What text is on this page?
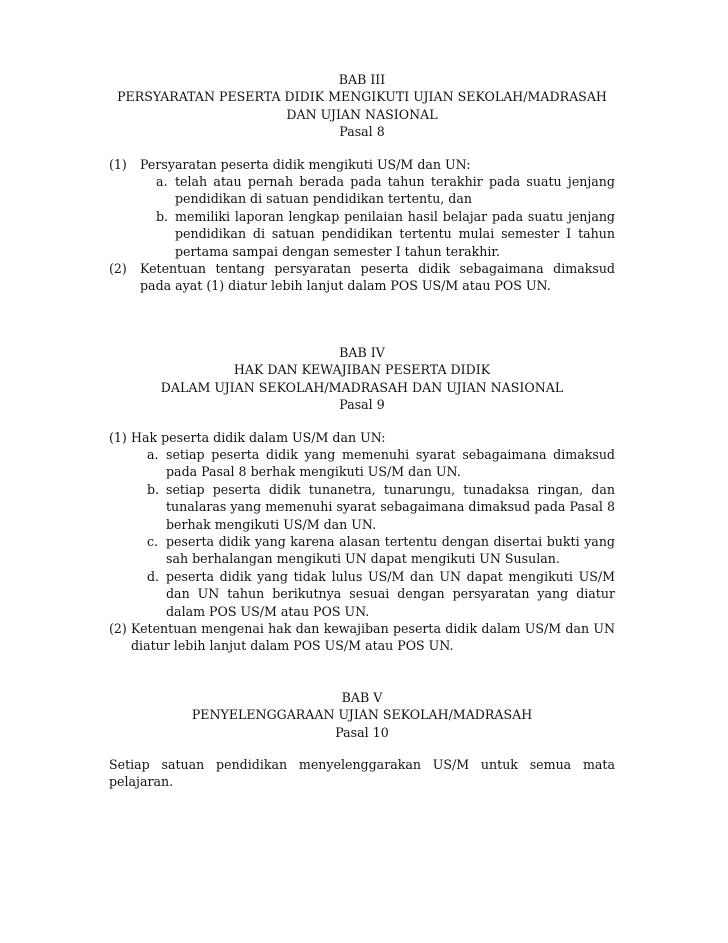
BAB III
PERSYARATAN PESERTA DIDIK MENGIKUTI UJIAN SEKOLAH/MADRASAH
DAN UJIAN NASIONAL
Pasal 8
(1)	Persyaratan peserta didik mengikuti US/M dan UN:
a. telah atau pernah berada pada tahun terakhir pada suatu jenjang pendidikan di satuan pendidikan tertentu, dan
b. memiliki laporan lengkap penilaian hasil belajar pada suatu jenjang pendidikan di satuan pendidikan tertentu mulai semester I tahun pertama sampai dengan semester I tahun terakhir.
(2)	Ketentuan tentang persyaratan peserta didik sebagaimana dimaksud pada ayat (1) diatur lebih lanjut dalam POS US/M atau POS UN.
BAB IV
HAK DAN KEWAJIBAN PESERTA DIDIK
DALAM UJIAN SEKOLAH/MADRASAH DAN UJIAN NASIONAL
Pasal 9
(1) Hak peserta didik dalam US/M dan UN:
a. setiap peserta didik yang memenuhi syarat sebagaimana dimaksud pada Pasal 8 berhak mengikuti US/M dan UN.
b. setiap peserta didik tunanetra, tunarungu, tunadaksa ringan, dan tunalaras yang memenuhi syarat sebagaimana dimaksud pada Pasal 8 berhak mengikuti US/M dan UN.
c. peserta didik yang karena alasan tertentu dengan disertai bukti yang sah berhalangan mengikuti UN dapat mengikuti UN Susulan.
d. peserta didik yang tidak lulus US/M dan UN dapat mengikuti US/M dan UN tahun berikutnya sesuai dengan persyaratan yang diatur dalam POS US/M atau POS UN.
(2) Ketentuan mengenai hak dan kewajiban peserta didik dalam US/M dan UN diatur lebih lanjut dalam POS US/M atau POS UN.
BAB V
PENYELENGGARAAN UJIAN SEKOLAH/MADRASAH
Pasal 10

Setiap satuan pendidikan menyelenggarakan US/M untuk semua mata pelajaran.
